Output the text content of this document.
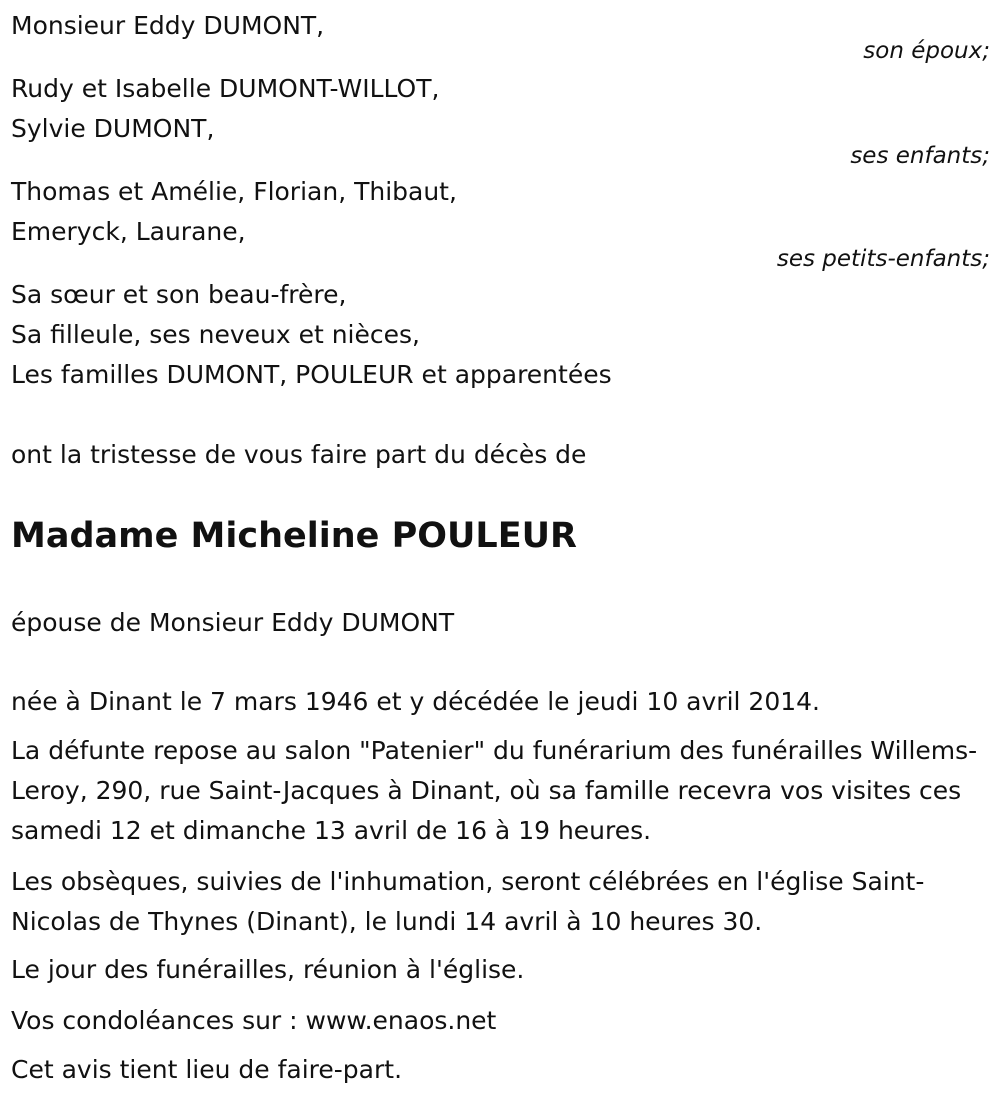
Monsieur Eddy DUMONT,
son époux;
Rudy et Isabelle DUMONT-WILLOT,
Sylvie DUMONT,
ses enfants;
Thomas et Amélie, Florian, Thibaut,
Emeryck, Laurane,
ses petits-enfants;
Sa sœur et son beau-frère,
Sa filleule, ses neveux et nièces,
Les familles DUMONT, POULEUR et apparentées
ont la tristesse de vous faire part du décès de
Madame Micheline POULEUR
épouse de Monsieur Eddy DUMONT
née à Dinant le 7 mars 1946 et y décédée le jeudi 10 avril 2014.
La défunte repose au salon "Patenier" du funérarium des funérailles Willems-Leroy, 290, rue Saint-Jacques à Dinant, où sa famille recevra vos visites ces samedi 12 et dimanche 13 avril de 16 à 19 heures.
Les obsèques, suivies de l'inhumation, seront célébrées en l'église Saint-Nicolas de Thynes (Dinant), le lundi 14 avril à 10 heures 30.
Le jour des funérailles, réunion à l'église.
Vos condoléances sur : www.enaos.net
Cet avis tient lieu de faire-part.
